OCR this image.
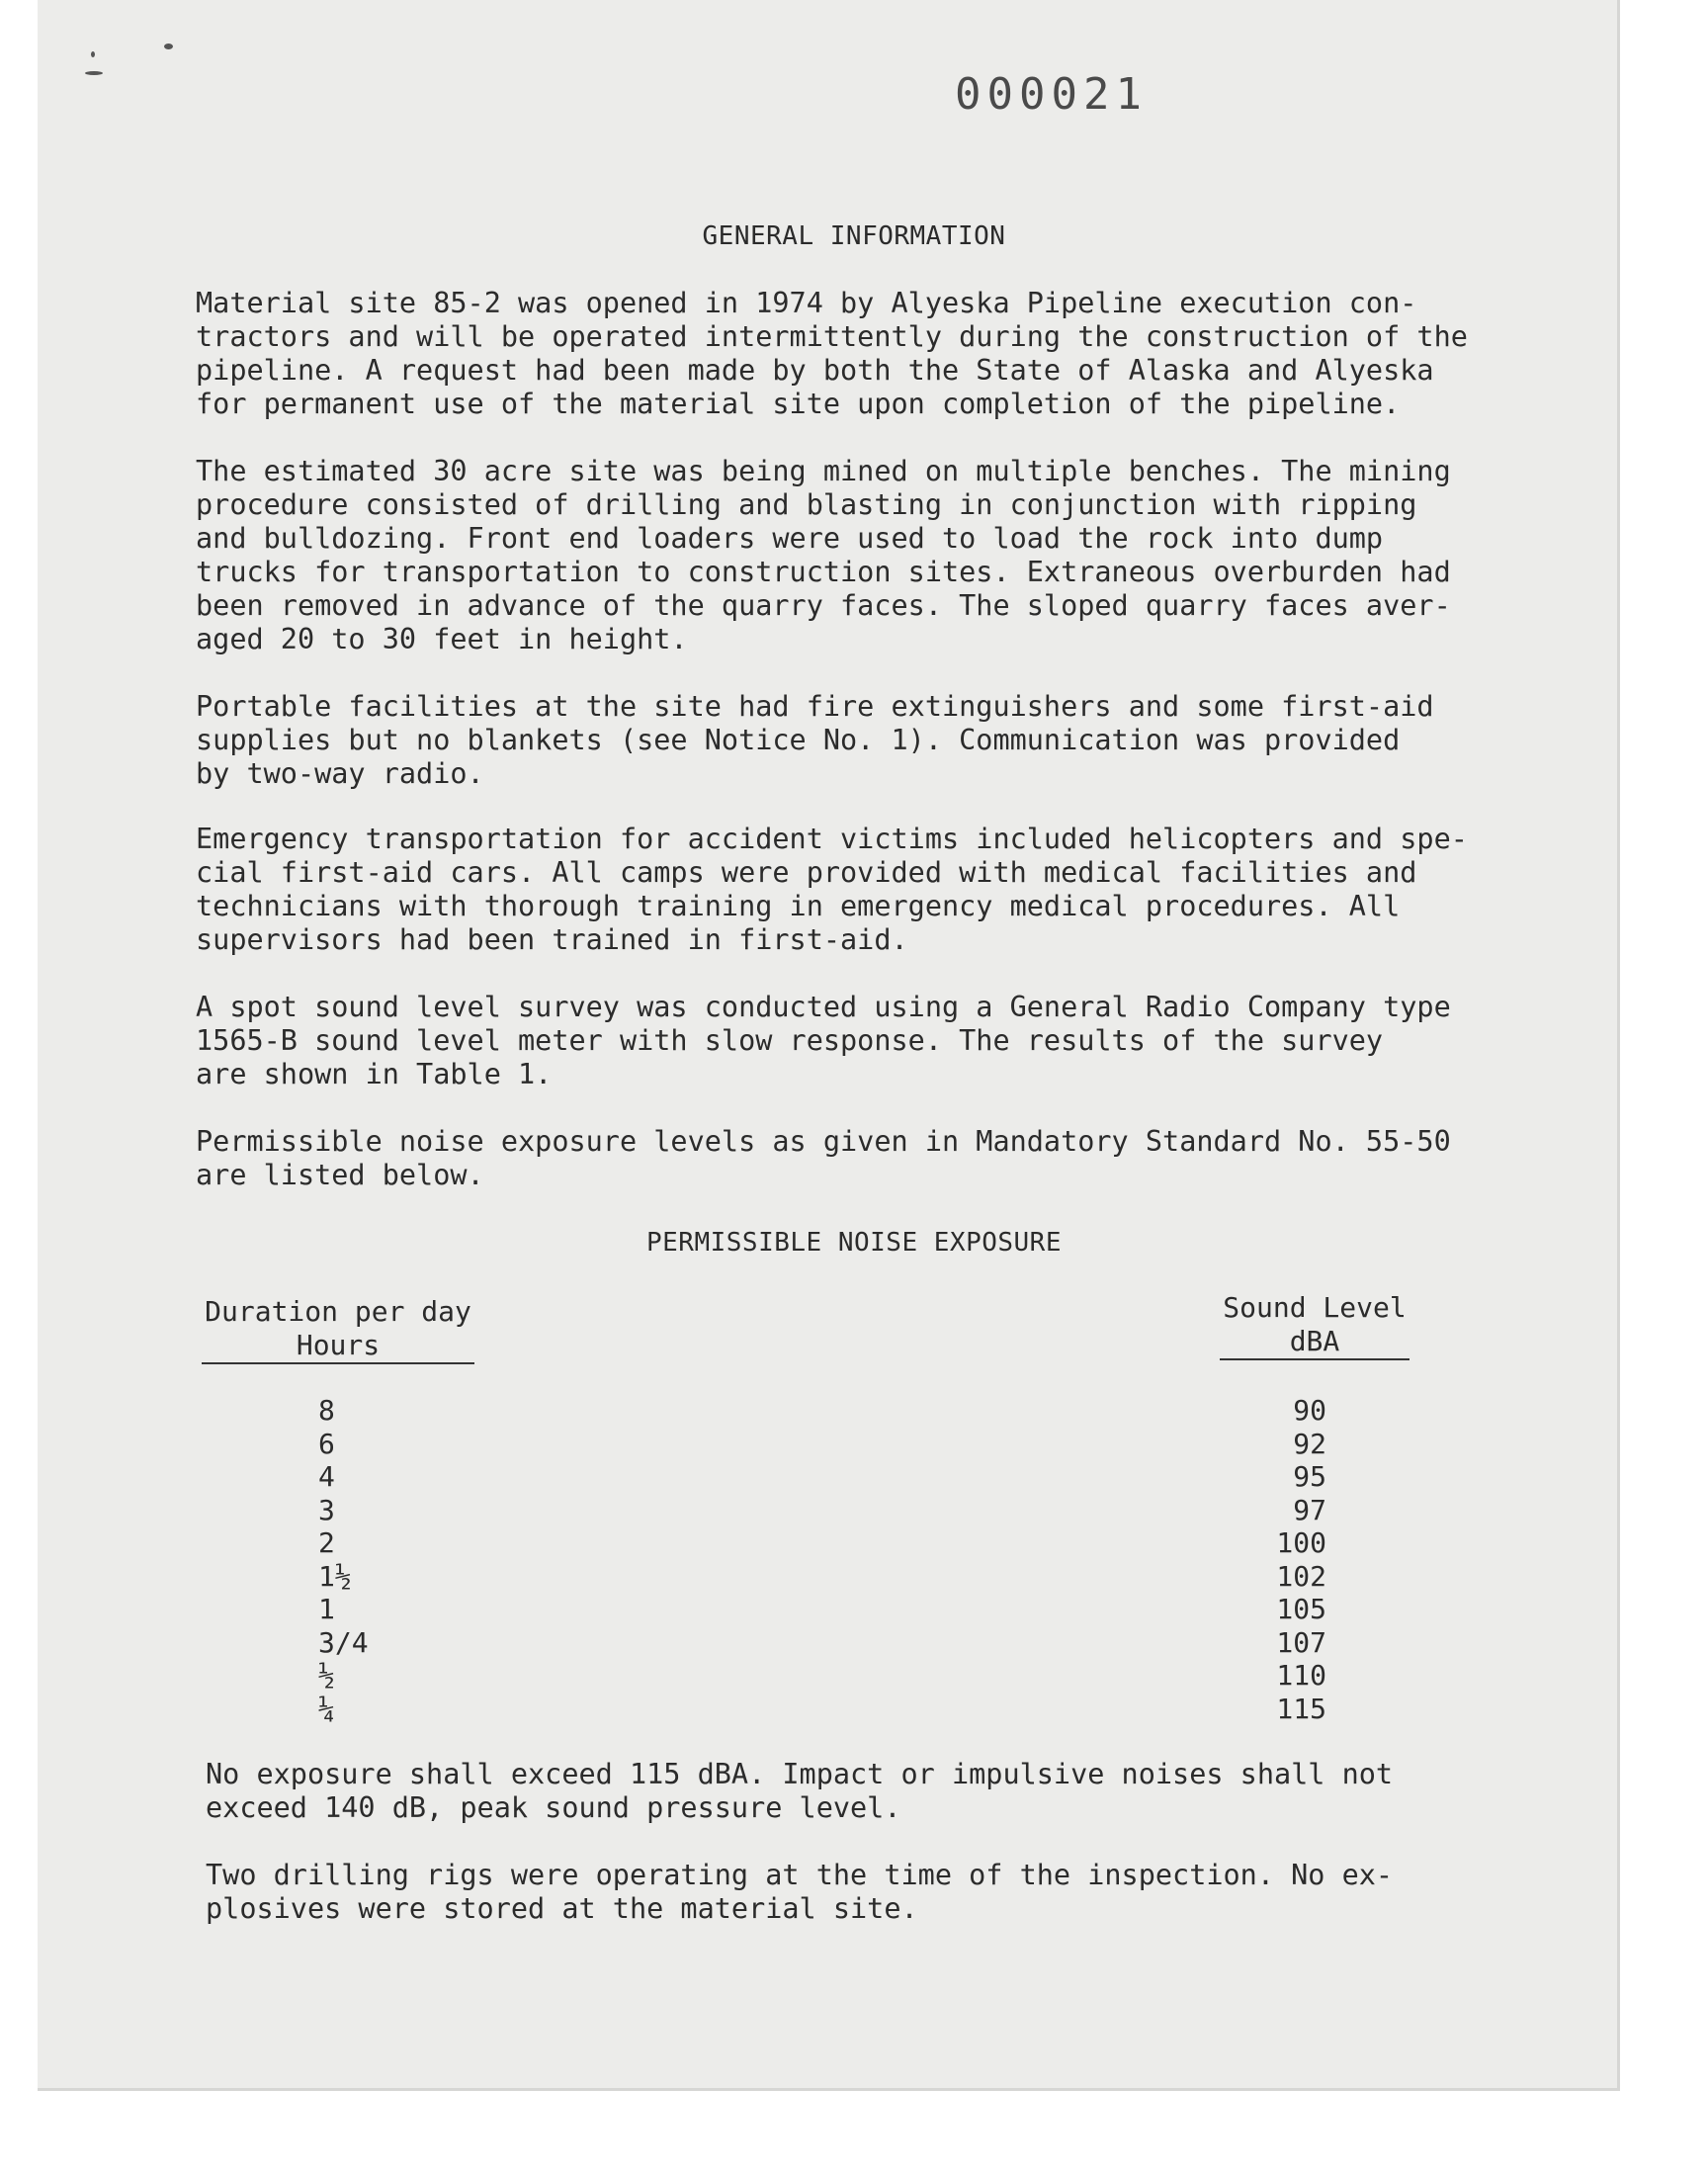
000021
GENERAL INFORMATION

Material site 85-2 was opened in 1974 by Alyeska Pipeline execution con-
tractors and will be operated intermittently during the construction of the
pipeline. A request had been made by both the State of Alaska and Alyeska
for permanent use of the material site upon completion of the pipeline.

The estimated 30 acre site was being mined on multiple benches. The mining
procedure consisted of drilling and blasting in conjunction with ripping
and bulldozing. Front end loaders were used to load the rock into dump
trucks for transportation to construction sites. Extraneous overburden had
been removed in advance of the quarry faces. The sloped quarry faces aver-
aged 20 to 30 feet in height.

Portable facilities at the site had fire extinguishers and some first-aid
supplies but no blankets (see Notice No. 1). Communication was provided
by two-way radio.

Emergency transportation for accident victims included helicopters and spe-
cial first-aid cars. All camps were provided with medical facilities and
technicians with thorough training in emergency medical procedures. All
supervisors had been trained in first-aid.

A spot sound level survey was conducted using a General Radio Company type
1565-B sound level meter with slow response. The results of the survey
are shown in Table 1.

Permissible noise exposure levels as given in Mandatory Standard No. 55-50
are listed below.

PERMISSIBLE NOISE EXPOSURE
Duration per day
Hours
Sound Level
dBA
8
6
4
3
2
1½
1
3/4
½
¼
90
92
95
97
100
102
105
107
110
115

No exposure shall exceed 115 dBA. Impact or impulsive noises shall not
exceed 140 dB, peak sound pressure level.

Two drilling rigs were operating at the time of the inspection. No ex-
plosives were stored at the material site.
